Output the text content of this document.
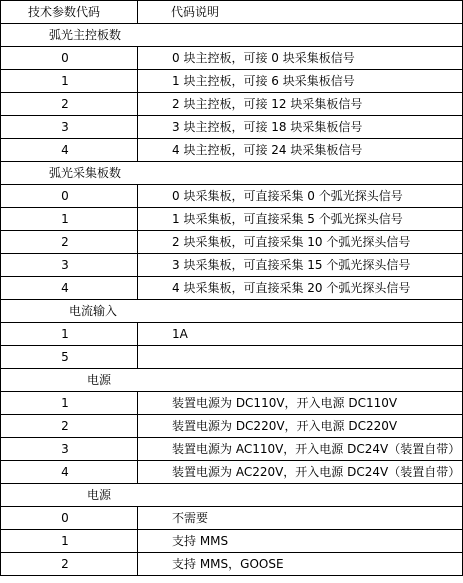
技术参数代码	代码说明
弧光主控板数	
0	0 块主控板，可接 0 块采集板信号
1	1 块主控板，可接 6 块采集板信号
2	2 块主控板，可接 12 块采集板信号
3	3 块主控板，可接 18 块采集板信号
4	4 块主控板，可接 24 块采集板信号
弧光采集板数	
0	0 块采集板，可直接采集 0 个弧光探头信号
1	1 块采集板，可直接采集 5 个弧光探头信号
2	2 块采集板，可直接采集 10 个弧光探头信号
3	3 块采集板，可直接采集 15 个弧光探头信号
4	4 块采集板，可直接采集 20 个弧光探头信号
电流输入	
1	1A
5	
电源	
1	装置电源为 DC110V，开入电源 DC110V
2	装置电源为 DC220V，开入电源 DC220V
3	装置电源为 AC110V，开入电源 DC24V（装置自带）
4	装置电源为 AC220V，开入电源 DC24V（装置自带）
电源	
0	不需要
1	支持 MMS
2	支持 MMS，GOOSE
